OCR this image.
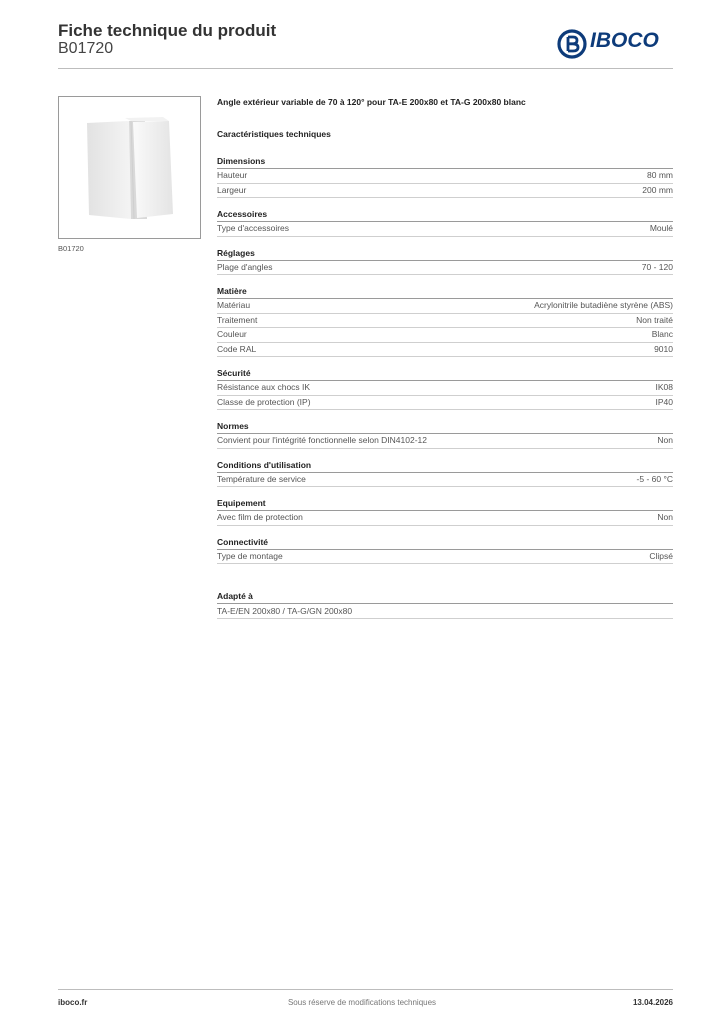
Fiche technique du produit
B01720	IBOCO
B01720
Angle extérieur variable de 70 à 120° pour TA-E 200x80 et TA-G 200x80 blanc
Caractéristiques techniques
Dimensions
Hauteur	80 mm
Largeur	200 mm
Accessoires
Type d'accessoires	Moulé
Réglages
Plage d'angles	70 - 120
Matière
Matériau	Acrylonitrile butadiène styrène (ABS)
Traitement	Non traité
Couleur	Blanc
Code RAL	9010
Sécurité
Résistance aux chocs IK	IK08
Classe de protection (IP)	IP40
Normes
Convient pour l'intégrité fonctionnelle selon DIN4102-12	Non
Conditions d'utilisation
Température de service	-5 - 60 °C
Equipement
Avec film de protection	Non
Connectivité
Type de montage	Clipsé
Adapté à
TA-E/EN 200x80 / TA-G/GN 200x80
iboco.fr	Sous réserve de modifications techniques	13.04.2026
